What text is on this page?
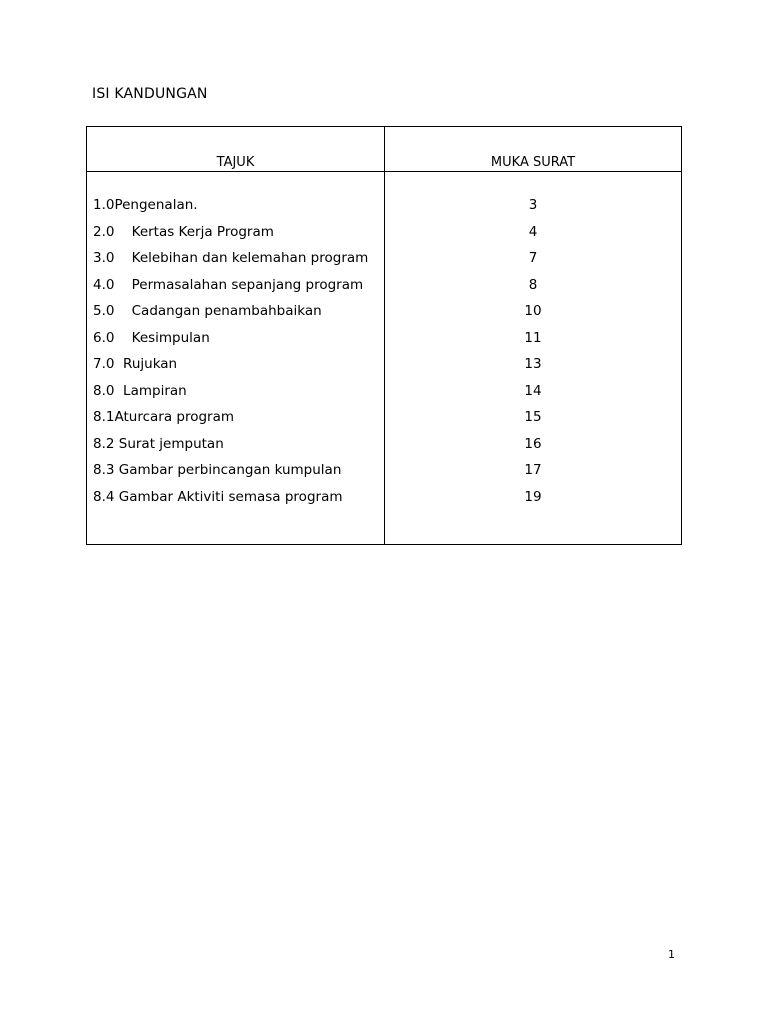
ISI KANDUNGAN
TAJUK	MUKA SURAT
1.0Pengenalan.	3
2.0    Kertas Kerja Program	4
3.0    Kelebihan dan kelemahan program	7
4.0    Permasalahan sepanjang program	8
5.0    Cadangan penambahbaikan	10
6.0    Kesimpulan	11
7.0  Rujukan	13
8.0  Lampiran	14
8.1Aturcara program	15
8.2 Surat jemputan	16
8.3 Gambar perbincangan kumpulan	17
8.4 Gambar Aktiviti semasa program	19
1
